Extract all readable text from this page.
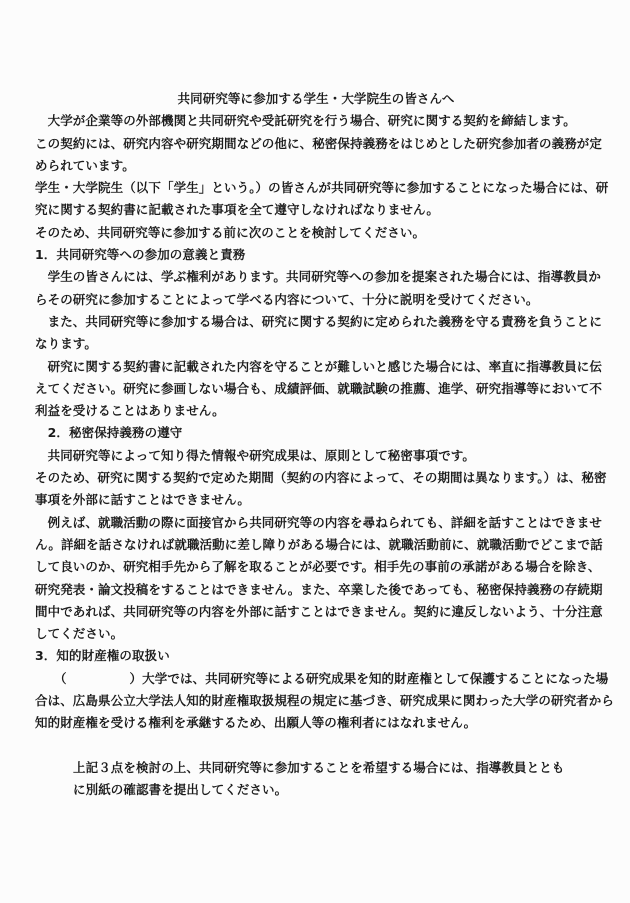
共同研究等に参加する学生・大学院生の皆さんへ
　大学が企業等の外部機関と共同研究や受託研究を行う場合、研究に関する契約を締結します。
この契約には、研究内容や研究期間などの他に、秘密保持義務をはじめとした研究参加者の義務が定
められています。
学生・大学院生（以下「学生」という。）の皆さんが共同研究等に参加することになった場合には、研
究に関する契約書に記載された事項を全て遵守しなければなりません。
そのため、共同研究等に参加する前に次のことを検討してください。
1．共同研究等への参加の意義と責務
　学生の皆さんには、学ぶ権利があります。共同研究等への参加を提案された場合には、指導教員か
らその研究に参加することによって学べる内容について、十分に説明を受けてください。
　また、共同研究等に参加する場合は、研究に関する契約に定められた義務を守る責務を負うことに
なります。
　研究に関する契約書に記載された内容を守ることが難しいと感じた場合には、率直に指導教員に伝
えてください。研究に参画しない場合も、成績評価、就職試験の推薦、進学、研究指導等において不
利益を受けることはありません。
　2．秘密保持義務の遵守
　共同研究等によって知り得た情報や研究成果は、原則として秘密事項です。
そのため、研究に関する契約で定めた期間（契約の内容によって、その期間は異なります。）は、秘密
事項を外部に話すことはできません。
　例えば、就職活動の際に面接官から共同研究等の内容を尋ねられても、詳細を話すことはできませ
ん。詳細を話さなければ就職活動に差し障りがある場合には、就職活動前に、就職活動でどこまで話
して良いのか、研究相手先から了解を取ることが必要です。相手先の事前の承諾がある場合を除き、
研究発表・論文投稿をすることはできません。また、卒業した後であっても、秘密保持義務の存続期
間中であれば、共同研究等の内容を外部に話すことはできません。契約に違反しないよう、十分注意
してください。
3．知的財産権の取扱い
　　（　　　　　）大学では、共同研究等による研究成果を知的財産権として保護することになった場
合は、広島県公立大学法人知的財産権取扱規程の規定に基づき、研究成果に関わった大学の研究者から
知的財産権を受ける権利を承継するため、出願人等の権利者にはなれません。
上記３点を検討の上、共同研究等に参加することを希望する場合には、指導教員ととも
に別紙の確認書を提出してください。
